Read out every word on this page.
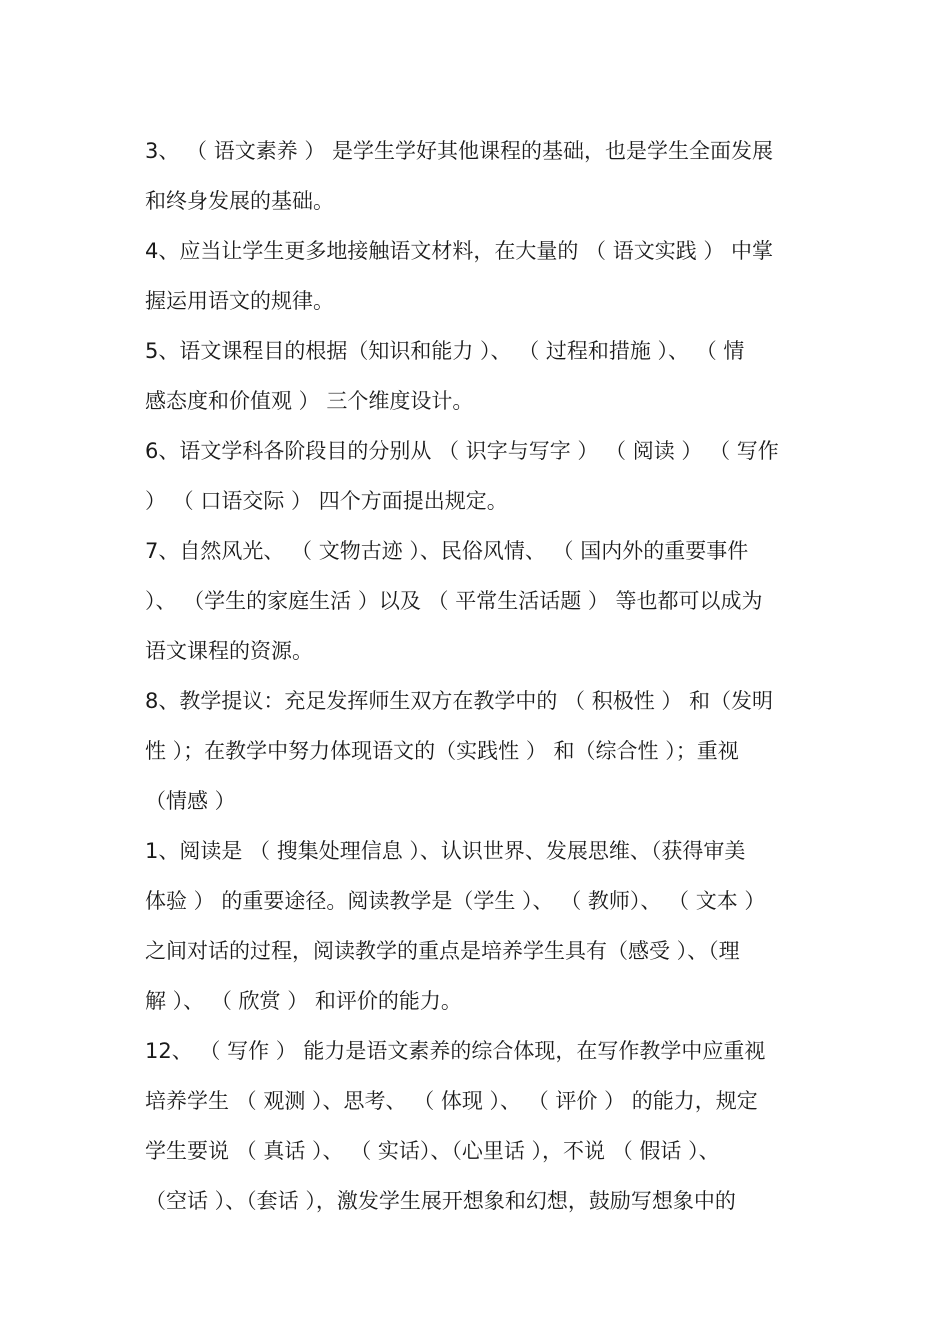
3、 （ 语文素养 ） 是学生学好其他课程的基础，也是学生全面发展
和终身发展的基础。
4、应当让学生更多地接触语文材料，在大量的 （ 语文实践 ） 中掌
握运用语文的规律。
5、语文课程目的根据（知识和能力 ）、 （ 过程和措施 ）、 （ 情
感态度和价值观 ） 三个维度设计。
6、语文学科各阶段目的分别从 （ 识字与写字 ） （ 阅读 ） （ 写作
） （ 口语交际 ） 四个方面提出规定。
7、自然风光、 （ 文物古迹 ）、民俗风情、 （ 国内外的重要事件
）、 （学生的家庭生活 ）以及 （ 平常生活话题 ） 等也都可以成为
语文课程的资源。
8、教学提议：充足发挥师生双方在教学中的 （ 积极性 ） 和（发明
性 ）；在教学中努力体现语文的（实践性 ） 和（综合性 ）；重视
（情感 ）
1、阅读是 （ 搜集处理信息 ）、认识世界、发展思维、（获得审美
体验 ） 的重要途径。阅读教学是（学生 ）、 （ 教师）、 （ 文本 ）
之间对话的过程，阅读教学的重点是培养学生具有（感受 ）、（理
解 ）、 （ 欣赏 ） 和评价的能力。
12、 （ 写作 ） 能力是语文素养的综合体现，在写作教学中应重视
培养学生 （ 观测 ）、思考、 （ 体现 ）、 （ 评价 ） 的能力，规定
学生要说 （ 真话 ）、 （ 实话）、（心里话 ），不说 （ 假话 ）、
（空话 ）、（套话 ），激发学生展开想象和幻想，鼓励写想象中的
